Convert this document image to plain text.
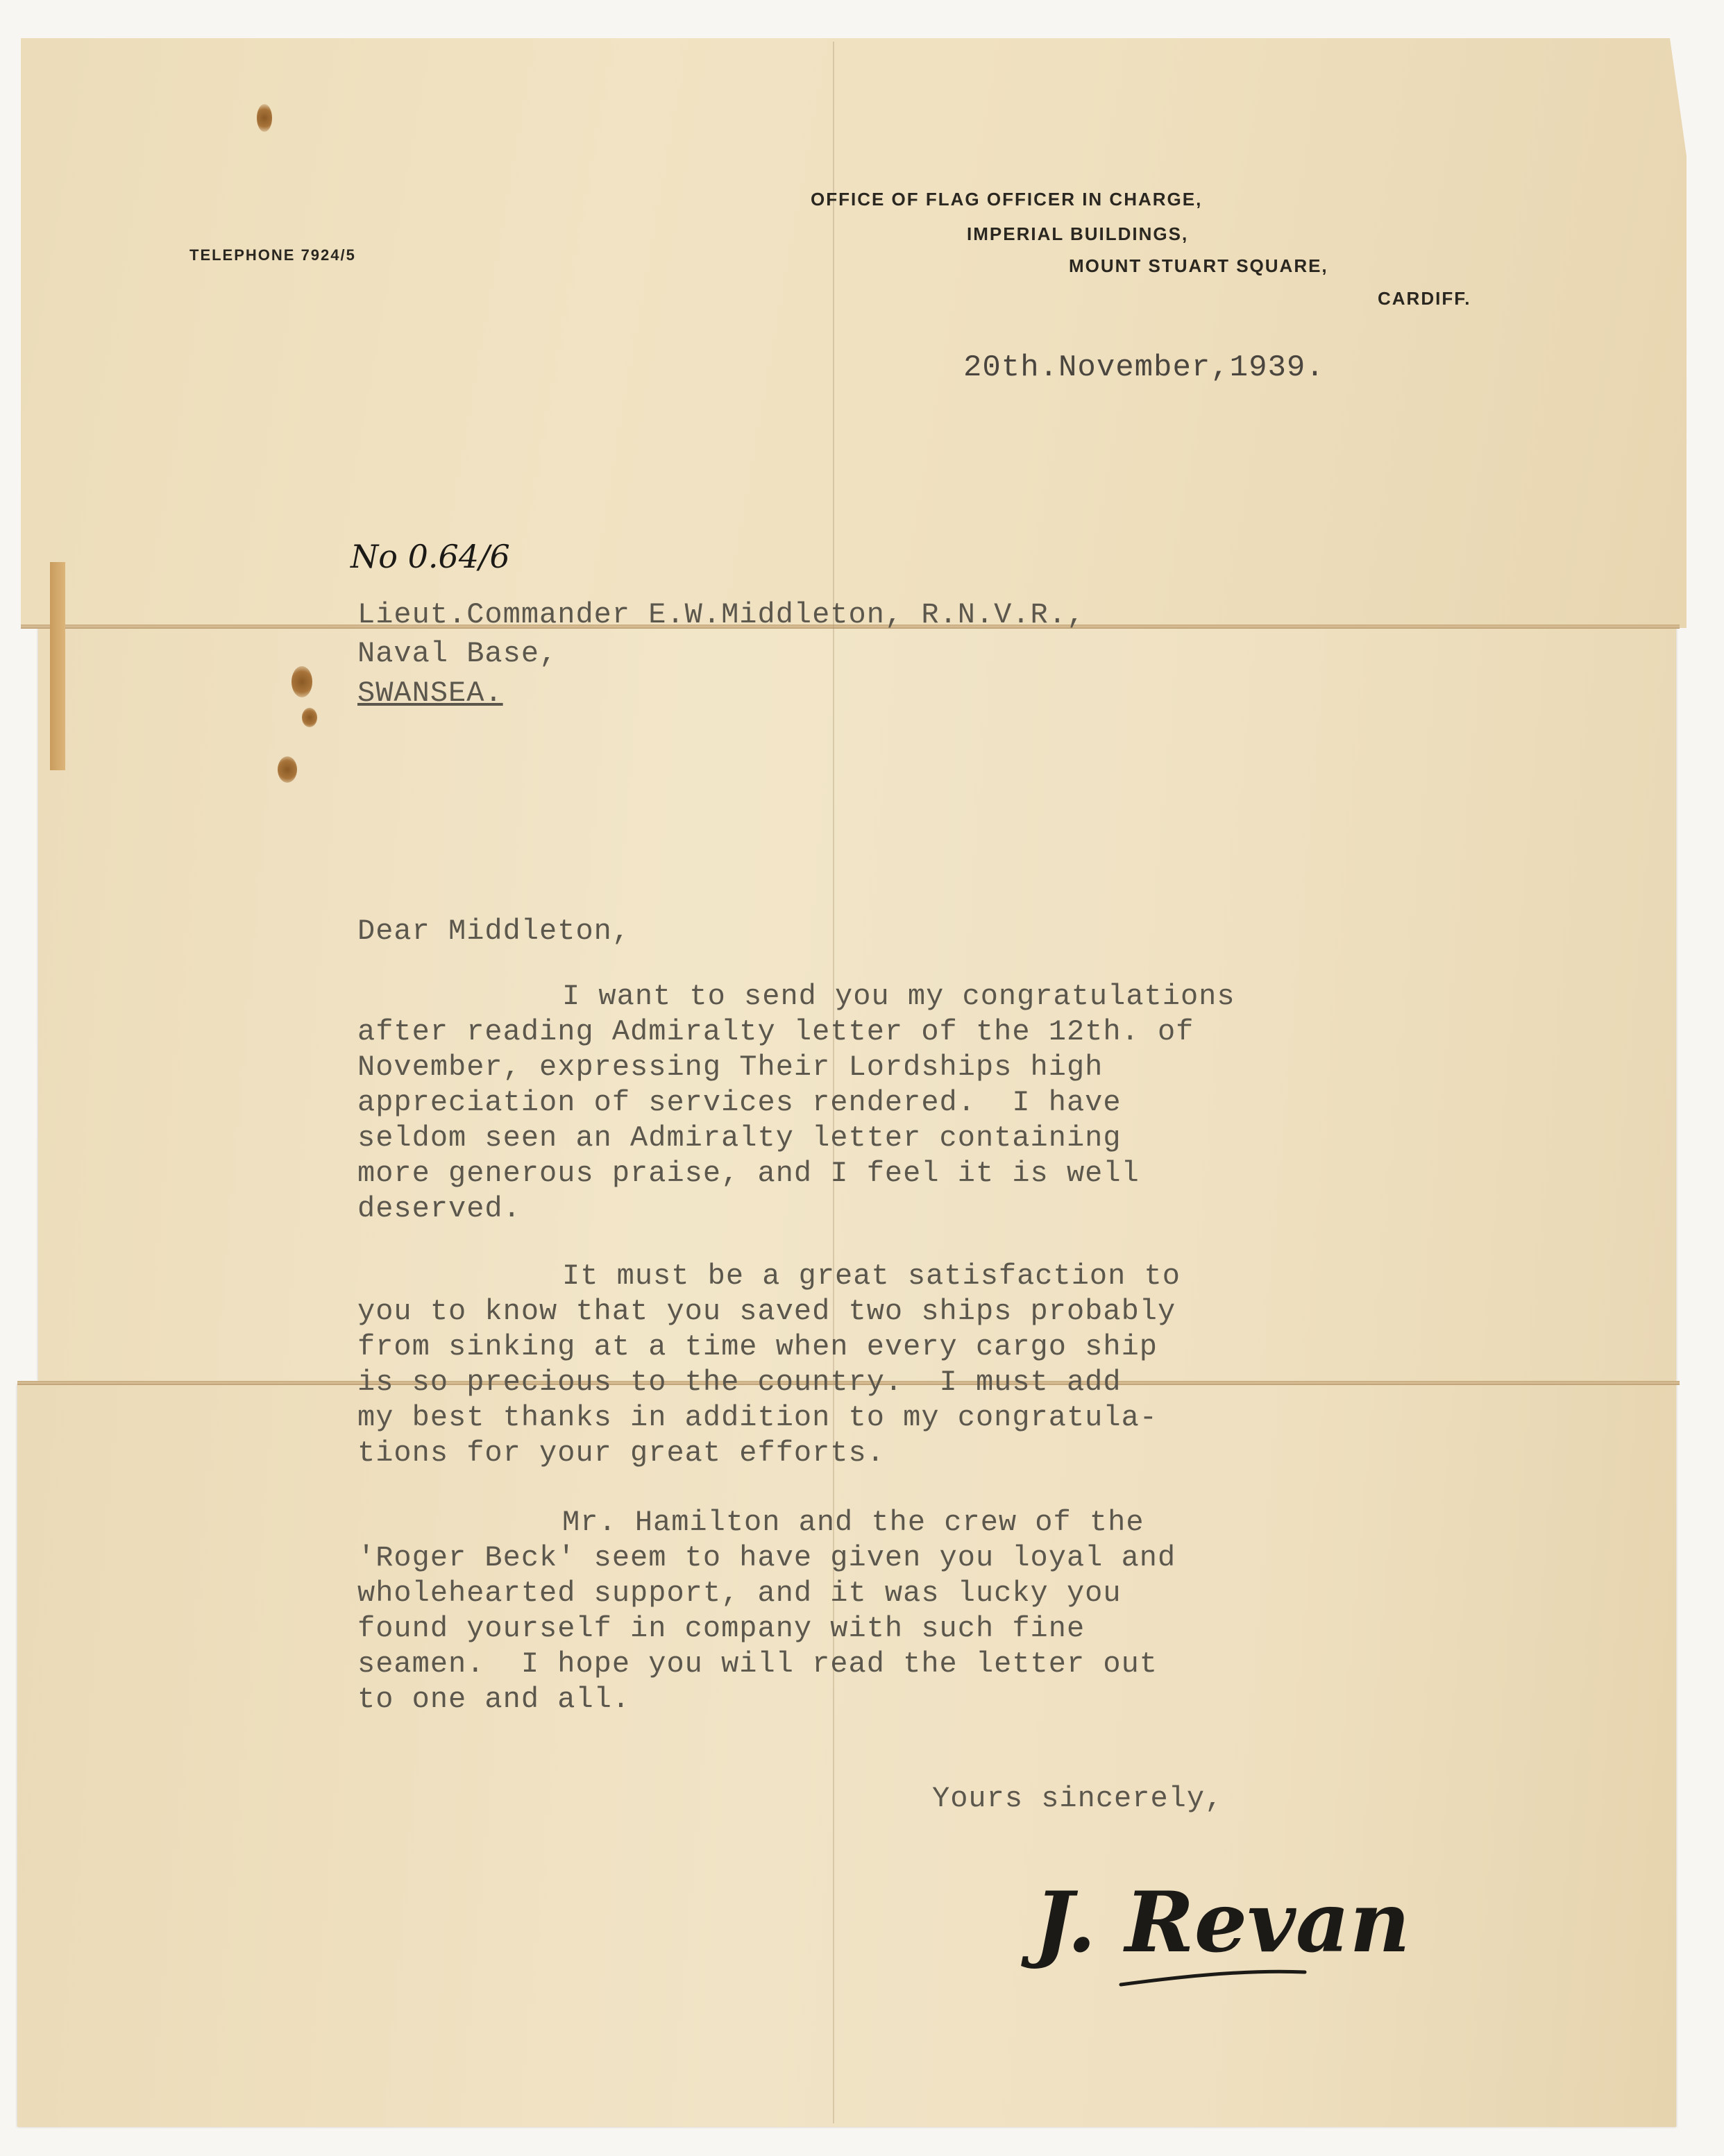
TELEPHONE 7924/5
OFFICE OF FLAG OFFICER IN CHARGE,
IMPERIAL BUILDINGS,
MOUNT STUART SQUARE,
CARDIFF.
20th.November,1939.
No 0.64/6
Lieut.Commander E.W.Middleton, R.N.V.R.,
Naval Base,
SWANSEA.
Dear Middleton,
I want to send you my congratulations
after reading Admiralty letter of the 12th. of
November, expressing Their Lordships high
appreciation of services rendered.  I have
seldom seen an Admiralty letter containing
more generous praise, and I feel it is well
deserved.
It must be a great satisfaction to
you to know that you saved two ships probably
from sinking at a time when every cargo ship
is so precious to the country.  I must add
my best thanks in addition to my congratula-
tions for your great efforts.
Mr. Hamilton and the crew of the
'Roger Beck' seem to have given you loyal and
wholehearted support, and it was lucky you
found yourself in company with such fine
seamen.  I hope you will read the letter out
to one and all.
Yours sincerely,
J. Revan
